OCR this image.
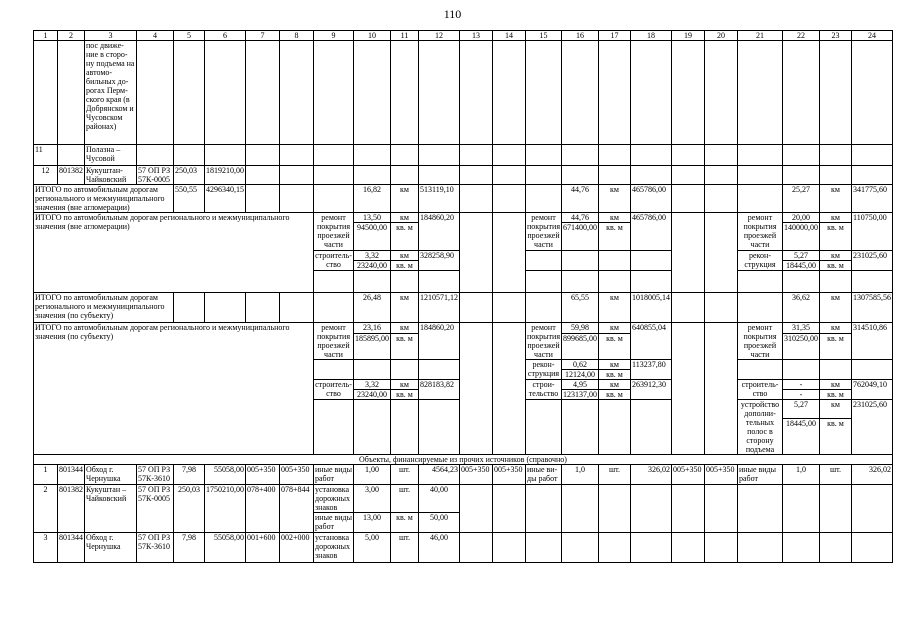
110
1	2	3	4	5	6	7	8	9	10	11	12	13	14	15	16	17	18	19	20	21	22	23	24
		пос движе-ние в сторо-ну подъема на автомо-бильных до-рогах Перм-ского края (в Добрянском и Чусовском районах)																					
11		Полазна – Чусовой																					
12	801382	Кукуштан-Чайковский	57 ОП РЗ 57К-0005	250,03	1819210,00																		
ИТОГО по автомобильным дорогам регионального и межмуниципального значения (вне агломерации)				550,55	4296340,15				16,82	км	513119,10				44,76	км	465786,00				25,27	км	341775,60
ИТОГО по автомобильным дорогам регионального и межмуниципального значения (вне агломерации)								ремонт покрытия проезжей части	13,50	км	184860,20			ремонт покрытия проезжей части	44,76	км	465786,00			ремонт покрытия проезжей части	20,00	км	110750,00
									94500,00	кв. м					671400,00	кв. м					140000,00	кв. м	
								строитель-ство	3,32	км	328258,90									рекон-струкция	5,27	км	231025,60
									23240,00	кв. м											18445,00	кв. м	

ИТОГО по автомобильным дорогам регионального и межмуниципального значения (по субъекту)									26,48	км	1210571,12				65,55	км	1018005,14				36,62	км	1307585,56
ИТОГО по автомобильным дорогам регионального и межмуниципального значения (по субъекту)								ремонт покрытия проезжей части	23,16	км	184860,20			ремонт покрытия проезжей части	59,98	км	640855,04			ремонт покрытия проезжей части	31,35	км	314510,86
									185895,00	кв. м					899685,00	кв. м					310250,00	кв. м	
														рекон-струкция	0,62	км	113237,80						
															12124,00	кв. м							
								строитель-ство	3,32	км	828183,82			строи-тельство	4,95	км	263912,30			строитель-ство	-	км	762049,10
									23240,00	кв. м					123137,00	кв. м					-	кв. м	
																				устройство дополни-тельных полос в сторону подъема	5,27	км	231025,60
																					18445,00	кв. м	
Объекты, финансируемые из прочих источников (справочно)																							
1	801344	Обход г. Чернушка	57 ОП РЗ 57К-3610	7,98	55058,00	005+350	005+350	иные виды работ	1,00	шт.	4564,23	005+350	005+350	иные ви-ды работ	1,0	шт.	326,02	005+350	005+350	иные виды работ	1,0	шт.	326,02
2	801382	Кукуштан – Чайковский	57 ОП РЗ 57К-0005	250,03	1750210,00	078+400	078+844	установка дорожных знаков	3,00	шт.	40,00												
								иные виды работ	13,00	кв. м	50,00												
3	801344	Обход г. Чернушка	57 ОП РЗ 57К-3610	7,98	55058,00	001+600	002+000	установка дорожных знаков	5,00	шт.	46,00												
